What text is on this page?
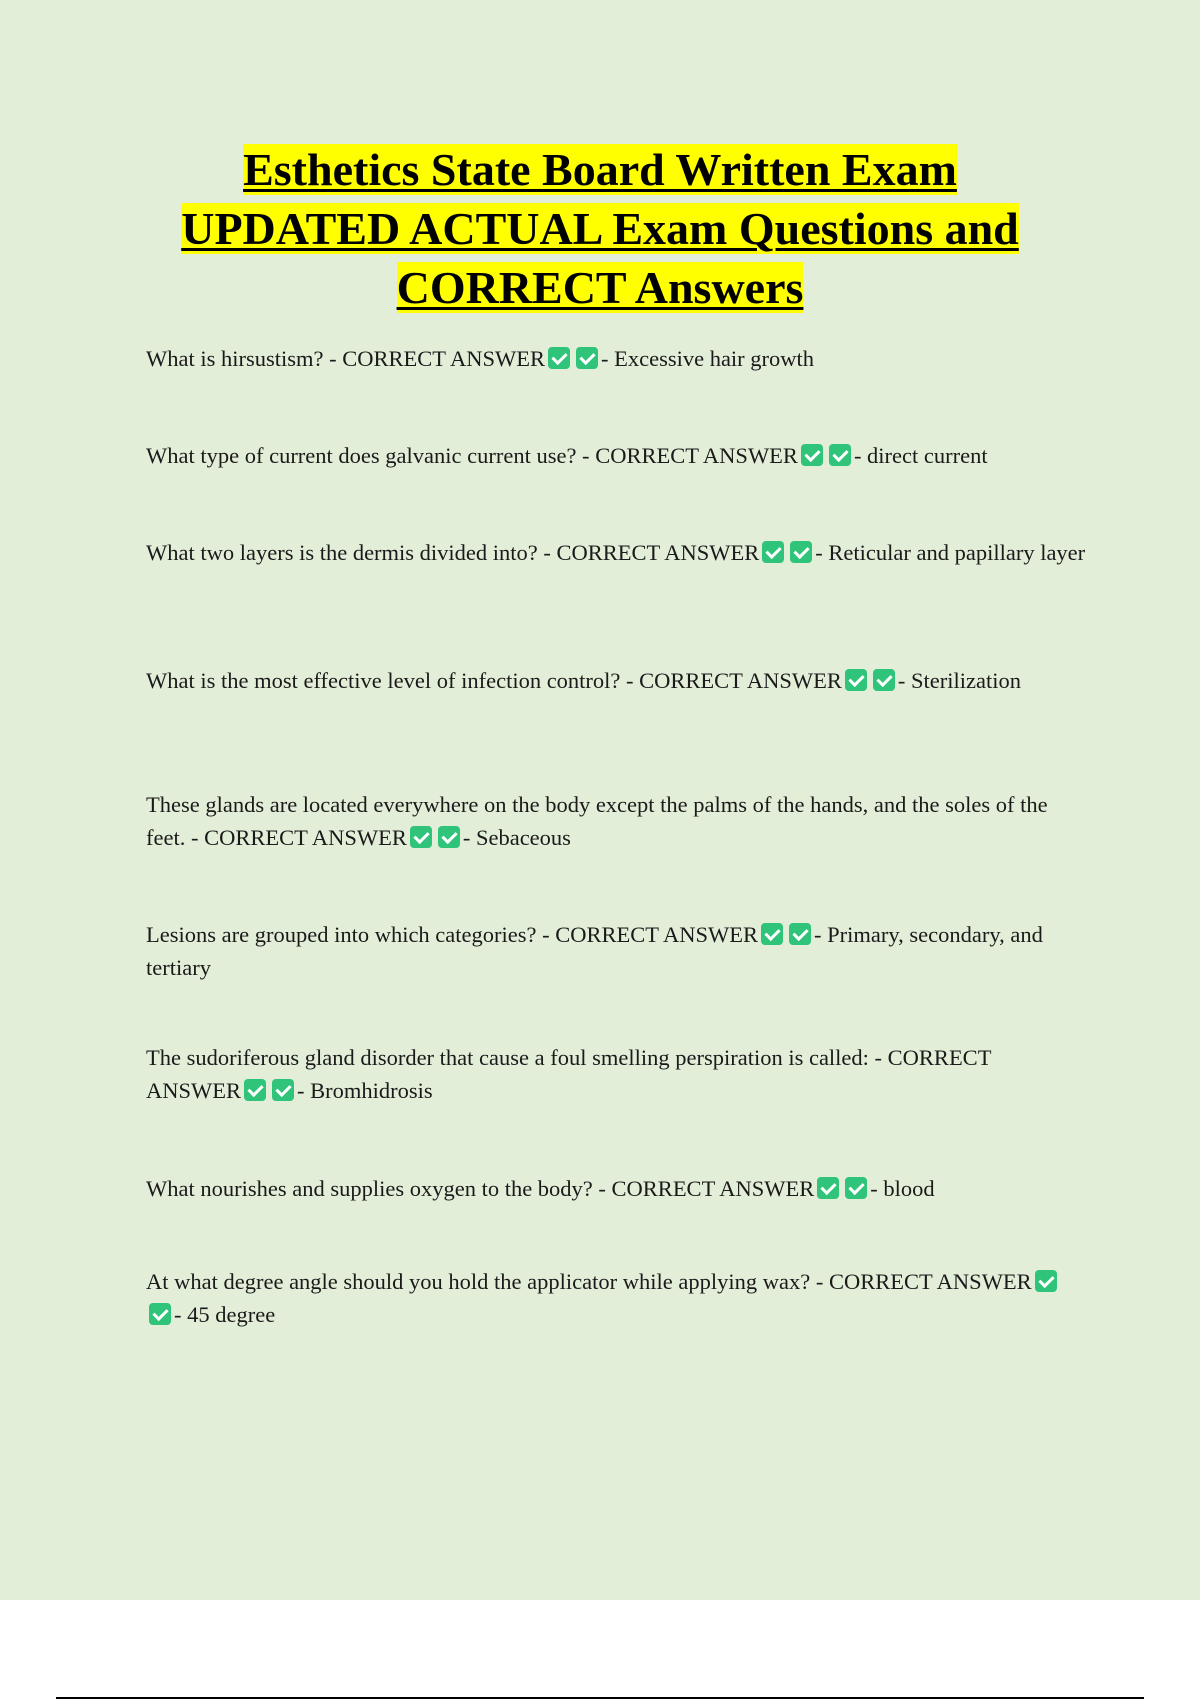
Esthetics State Board Written Exam
UPDATED ACTUAL Exam Questions and
CORRECT Answers
What is hirsustism? - CORRECT ANSWER - Excessive hair growth
What type of current does galvanic current use? - CORRECT ANSWER - direct current
What two layers is the dermis divided into? - CORRECT ANSWER - Reticular and papillary layer
What is the most effective level of infection control? - CORRECT ANSWER - Sterilization
These glands are located everywhere on the body except the palms of the hands, and the soles of the feet. - CORRECT ANSWER - Sebaceous
Lesions are grouped into which categories? - CORRECT ANSWER - Primary, secondary, and tertiary
The sudoriferous gland disorder that cause a foul smelling perspiration is called: - CORRECT ANSWER - Bromhidrosis
What nourishes and supplies oxygen to the body? - CORRECT ANSWER - blood
At what degree angle should you hold the applicator while applying wax? - CORRECT ANSWER- 45 degree
